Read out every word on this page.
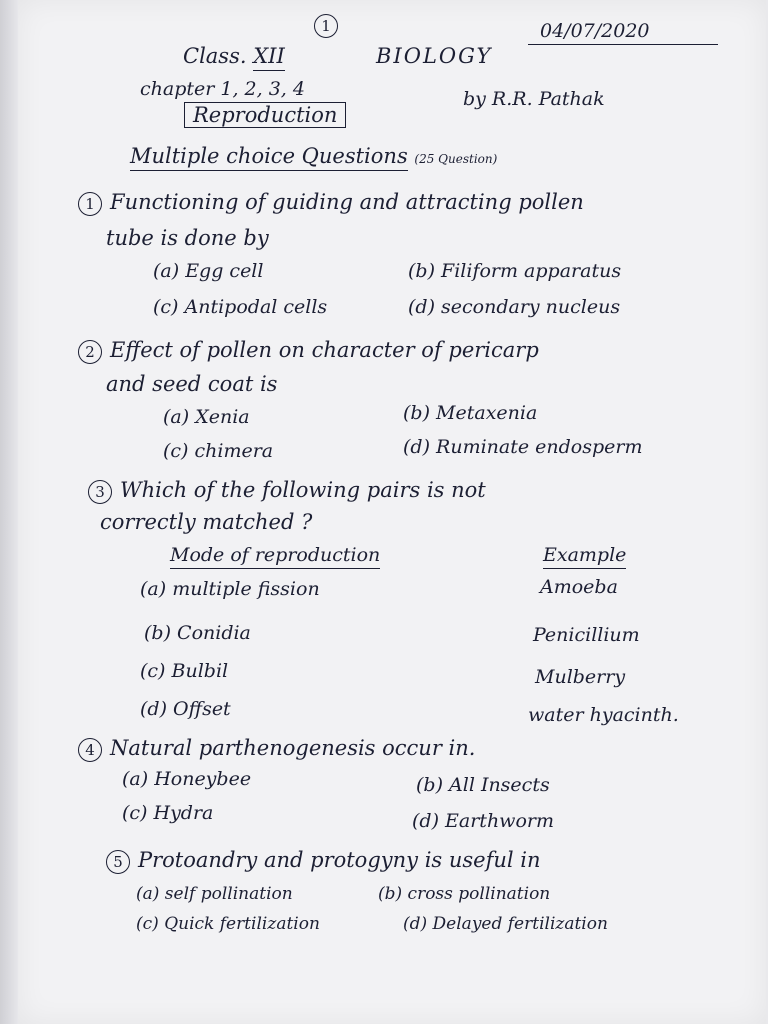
1	04/07/2020
Class. XII	BIOLOGY
chapter 1, 2, 3, 4
Reproduction
by R.R. Pathak
Multiple choice Questions (25 Question)
1 Functioning of guiding and attracting pollen
tube is done by
(a) Egg cell	(b) Filiform apparatus
(c) Antipodal cells	(d) secondary nucleus
2 Effect of pollen on character of pericarp
and seed coat is
(a) Xenia	(b) Metaxenia
(c) chimera	(d) Ruminate endosperm
3 Which of the following pairs is not
correctly matched ?
Mode of reproduction	Example
(a) multiple fission	Amoeba
(b) Conidia	Penicillium
(c) Bulbil	Mulberry
(d) Offset	water hyacinth.
4 Natural parthenogenesis occur in.
(a) Honeybee	(b) All Insects
(c) Hydra	(d) Earthworm
5 Protoandry and protogyny is useful in
(a) self pollination	(b) cross pollination
(c) Quick fertilization	(d) Delayed fertilization
